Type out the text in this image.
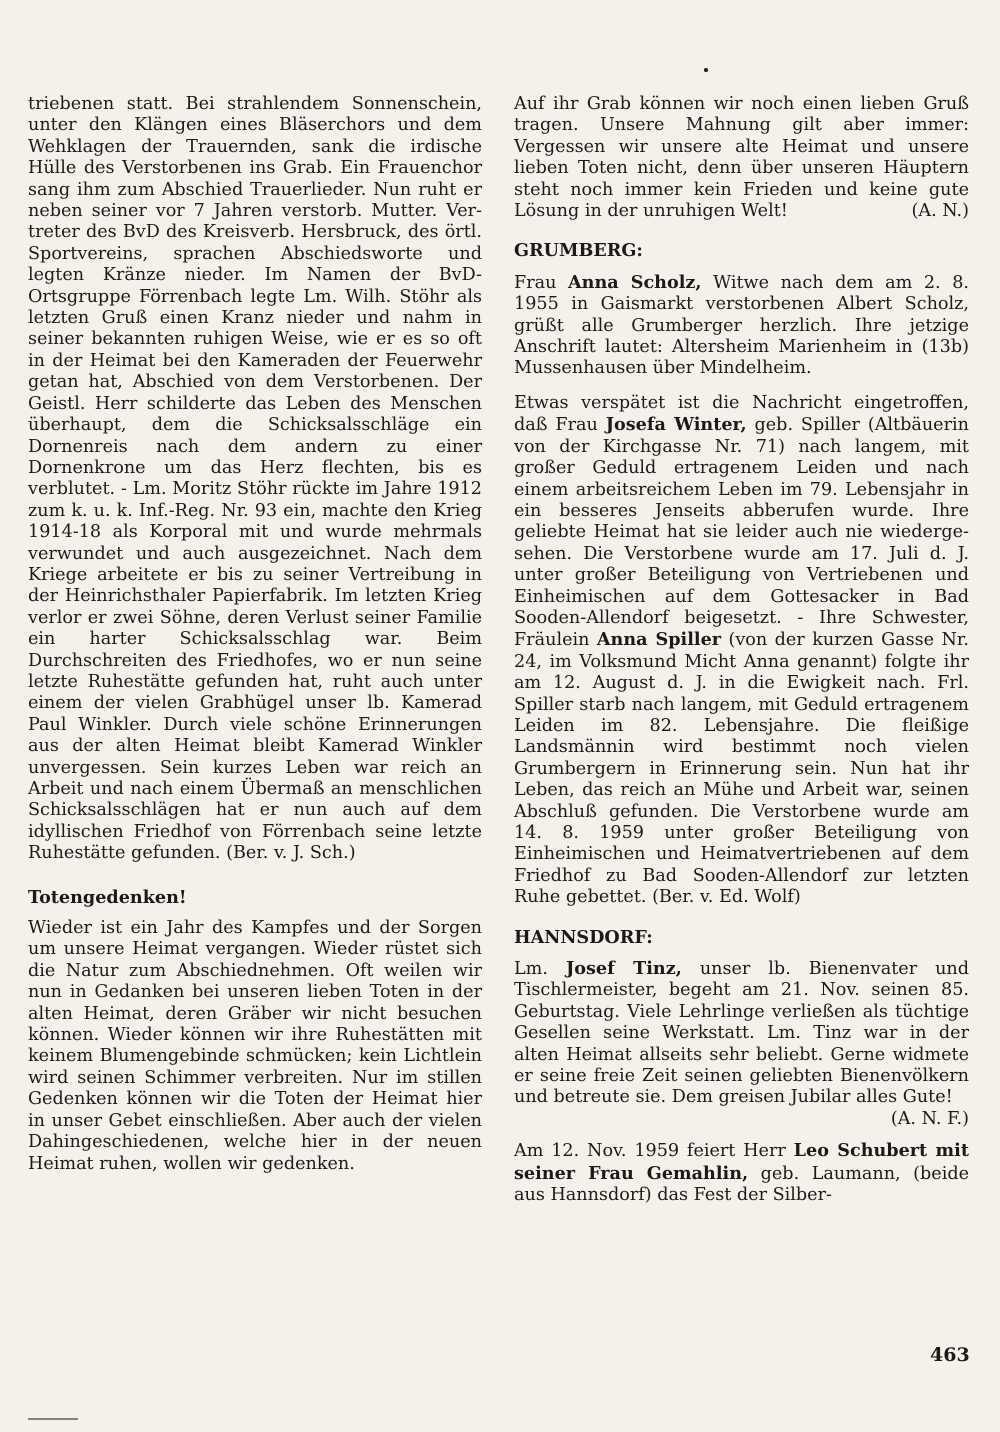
triebenen statt. Bei strahlendem Sonnenschein, unter den Klängen eines Bläserchors und dem Wehklagen der Trauernden, sank die irdische Hülle des Verstorbenen ins Grab. Ein Frauenchor sang ihm zum Abschied Trauerlieder. Nun ruht er neben seiner vor 7 Jahren verstorb. Mutter. Vertreter des BvD des Kreisverb. Hersbruck, des örtl. Sportvereins, sprachen Abschiedsworte und legten Kränze nieder. Im Namen der BvD-Ortsgruppe Förrenbach legte Lm. Wilh. Stöhr als letzten Gruß einen Kranz nieder und nahm in seiner bekannten ruhigen Weise, wie er es so oft in der Heimat bei den Kameraden der Feuerwehr getan hat, Abschied von dem Verstorbenen. Der Geistl. Herr schilderte das Leben des Menschen überhaupt, dem die Schicksalsschläge ein Dornenreis nach dem andern zu einer Dornenkrone um das Herz flechten, bis es verblutet. - Lm. Moritz Stöhr rückte im Jahre 1912 zum k. u. k. Inf.-Reg. Nr. 93 ein, machte den Krieg 1914-18 als Korporal mit und wurde mehrmals verwundet und auch ausgezeichnet. Nach dem Kriege arbeitete er bis zu seiner Vertreibung in der Heinrichsthaler Papierfabrik. Im letzten Krieg verlor er zwei Söhne, deren Verlust seiner Familie ein harter Schicksalsschlag war. Beim Durchschreiten des Friedhofes, wo er nun seine letzte Ruhestätte gefunden hat, ruht auch unter einem der vielen Grabhügel unser lb. Kamerad Paul Winkler. Durch viele schöne Erinnerungen aus der alten Heimat bleibt Kamerad Winkler unvergessen. Sein kurzes Leben war reich an Arbeit und nach einem Übermaß an menschlichen Schicksalsschlägen hat er nun auch auf dem idyllischen Friedhof von Förrenbach seine letzte Ruhestätte gefunden. (Ber. v. J. Sch.)

Totengedenken!

Wieder ist ein Jahr des Kampfes und der Sorgen um unsere Heimat vergangen. Wieder rüstet sich die Natur zum Abschiednehmen. Oft weilen wir nun in Gedanken bei unseren lieben Toten in der alten Heimat, deren Gräber wir nicht besuchen können. Wieder können wir ihre Ruhestätten mit keinem Blumengebinde schmücken; kein Lichtlein wird seinen Schimmer verbreiten. Nur im stillen Gedenken können wir die Toten der Heimat hier in unser Gebet einschließen. Aber auch der vielen Dahingeschiedenen, welche hier in der neuen Heimat ruhen, wollen wir gedenken.

Auf ihr Grab können wir noch einen lieben Gruß tragen. Unsere Mahnung gilt aber immer: Vergessen wir unsere alte Heimat und unsere lieben Toten nicht, denn über unseren Häuptern steht noch immer kein Frieden und keine gute Lösung in der unruhigen Welt!	(A. N.)

GRUMBERG:

Frau Anna Scholz, Witwe nach dem am 2. 8. 1955 in Gaismarkt verstorbenen Albert Scholz, grüßt alle Grumberger herzlich. Ihre jetzige Anschrift lautet: Altersheim Marienheim in (13b) Mussenhausen über Mindelheim.

Etwas verspätet ist die Nachricht eingetroffen, daß Frau Josefa Winter, geb. Spiller (Altbäuerin von der Kirchgasse Nr. 71) nach langem, mit großer Geduld ertragenem Leiden und nach einem arbeitsreichem Leben im 79. Lebensjahr in ein besseres Jenseits abberufen wurde. Ihre geliebte Heimat hat sie leider auch nie wiedergesehen. Die Verstorbene wurde am 17. Juli d. J. unter großer Beteiligung von Vertriebenen und Einheimischen auf dem Gottesacker in Bad Sooden-Allendorf beigesetzt. - Ihre Schwester, Fräulein Anna Spiller (von der kurzen Gasse Nr. 24, im Volksmund Micht Anna genannt) folgte ihr am 12. August d. J. in die Ewigkeit nach. Frl. Spiller starb nach langem, mit Geduld ertragenem Leiden im 82. Lebensjahre. Die fleißige Landsmännin wird bestimmt noch vielen Grumbergern in Erinnerung sein. Nun hat ihr Leben, das reich an Mühe und Arbeit war, seinen Abschluß gefunden. Die Verstorbene wurde am 14. 8. 1959 unter großer Beteiligung von Einheimischen und Heimatvertriebenen auf dem Friedhof zu Bad Sooden-Allendorf zur letzten Ruhe gebettet. (Ber. v. Ed. Wolf)

HANNSDORF:

Lm. Josef Tinz, unser lb. Bienenvater und Tischlermeister, begeht am 21. Nov. seinen 85. Geburtstag. Viele Lehrlinge verließen als tüchtige Gesellen seine Werkstatt. Lm. Tinz war in der alten Heimat allseits sehr beliebt. Gerne widmete er seine freie Zeit seinen geliebten Bienenvölkern und betreute sie. Dem greisen Jubilar alles Gute!

(A. N. F.)

Am 12. Nov. 1959 feiert Herr Leo Schubert mit seiner Frau Gemahlin, geb. Laumann, (beide aus Hannsdorf) das Fest der Silber-

463
